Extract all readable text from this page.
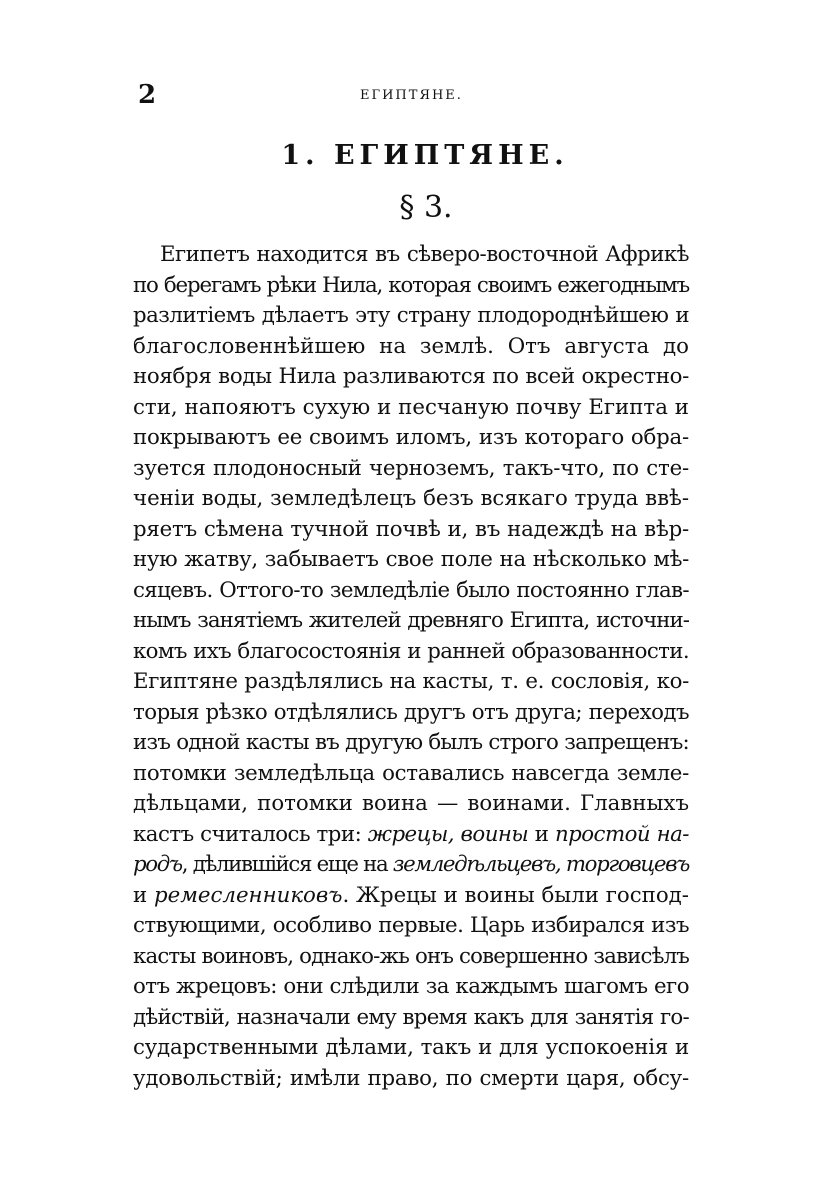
2	ЕГИПТЯНЕ.
1. ЕГИПТЯНЕ.
§ 3.
Египетъ находится въ сѣверо-восточной Африкѣ
по берегамъ рѣки Нила, которая своимъ ежегоднымъ
разлитіемъ дѣлаетъ эту страну плодороднѣйшею и
благословеннѣйшею на землѣ. Отъ августа до
ноября воды Нила разливаются по всей окрестно-
сти, напояютъ сухую и песчаную почву Египта и
покрываютъ ее своимъ иломъ, изъ котораго обра-
зуется плодоносный черноземъ, такъ-что, по сте-
ченіи воды, земледѣлецъ безъ всякаго труда ввѣ-
ряетъ сѣмена тучной почвѣ и, въ надеждѣ на вѣр-
ную жатву, забываетъ свое поле на нѣсколько мѣ-
сяцевъ. Оттого-то земледѣліе было постоянно глав-
нымъ занятіемъ жителей древняго Египта, источни-
комъ ихъ благосостоянія и ранней образованности.
Египтяне раздѣлялись на касты, т. е. сословія, ко-
торыя рѣзко отдѣлялись другъ отъ друга; переходъ
изъ одной касты въ другую былъ строго запрещенъ:
потомки земледѣльца оставались навсегда земле-
дѣльцами, потомки воина — воинами. Главныхъ
кастъ считалось три: жрецы, воины и простой на-
родъ, дѣлившійся еще на земледѣльцевъ, торговцевъ
и ремесленниковъ. Жрецы и воины были господ-
ствующими, особливо первые. Царь избирался изъ
касты воиновъ, однако-жь онъ совершенно зависѣлъ
отъ жрецовъ: они слѣдили за каждымъ шагомъ его
дѣйствій, назначали ему время какъ для занятія го-
сударственными дѣлами, такъ и для успокоенія и
удовольствій; имѣли право, по смерти царя, обсу-
